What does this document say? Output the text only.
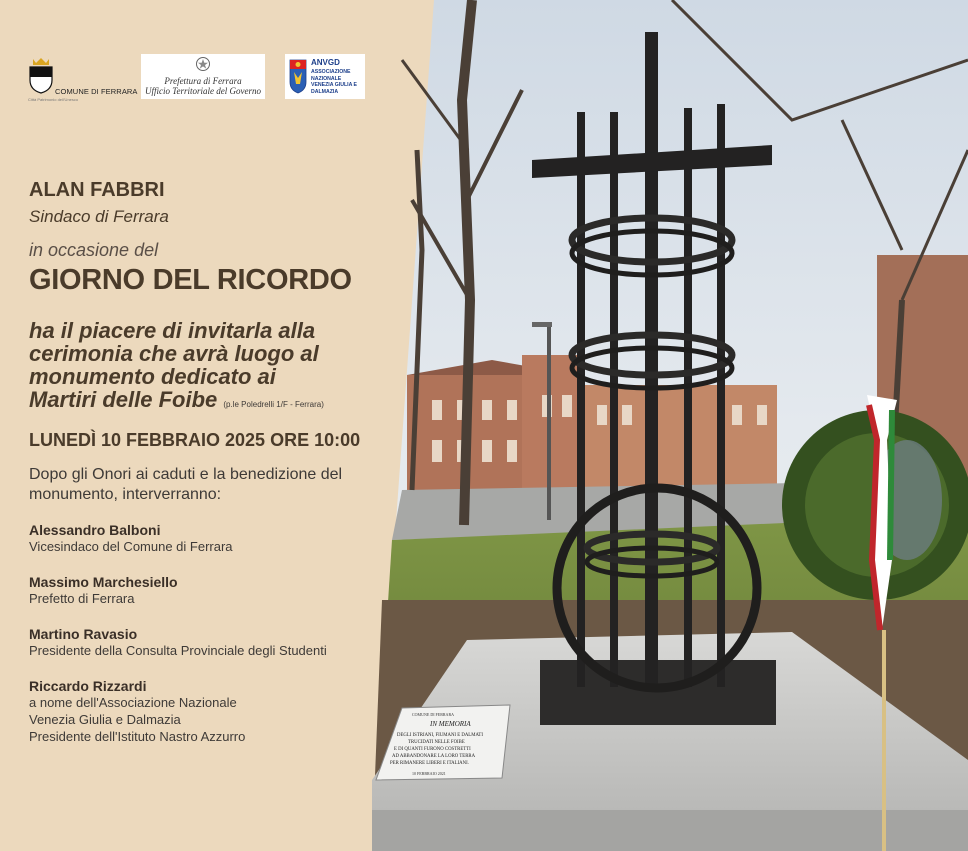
COMUNE DI FERRARA
Città Patrimonio dell'Unesco
Prefettura di Ferrara
Ufficio Territoriale del Governo
ANVGD
ASSOCIAZIONE
NAZIONALE
VENEZIA GIULIA E
DALMAZIA
ALAN FABBRI
Sindaco di Ferrara
in occasione del
GIORNO DEL RICORDO
ha il piacere di invitarla alla
cerimonia che avrà luogo al
monumento dedicato ai
Martiri delle Foibe (p.le Poledrelli 1/F - Ferrara)
LUNEDÌ 10 FEBBRAIO 2025 ORE 10:00
Dopo gli Onori ai caduti e la benedizione del monumento, interverranno:
Alessandro Balboni
Vicesindaco del Comune di Ferrara
Massimo Marchesiello
Prefetto di Ferrara
Martino Ravasio
Presidente della Consulta Provinciale degli Studenti
Riccardo Rizzardi
a nome dell'Associazione Nazionale
Venezia Giulia e Dalmazia
Presidente dell'Istituto Nastro Azzurro
COMUNE DI FERRARA
IN MEMORIA
DEGLI ISTRIANI, FIUMANI E DALMATI
TRUCIDATI NELLE FOIBE
E DI QUANTI FURONO COSTRETTI
AD ABBANDONARE LA LORO TERRA
PER RIMANERE LIBERI E ITALIANI.
10 FEBBRAIO 2021
